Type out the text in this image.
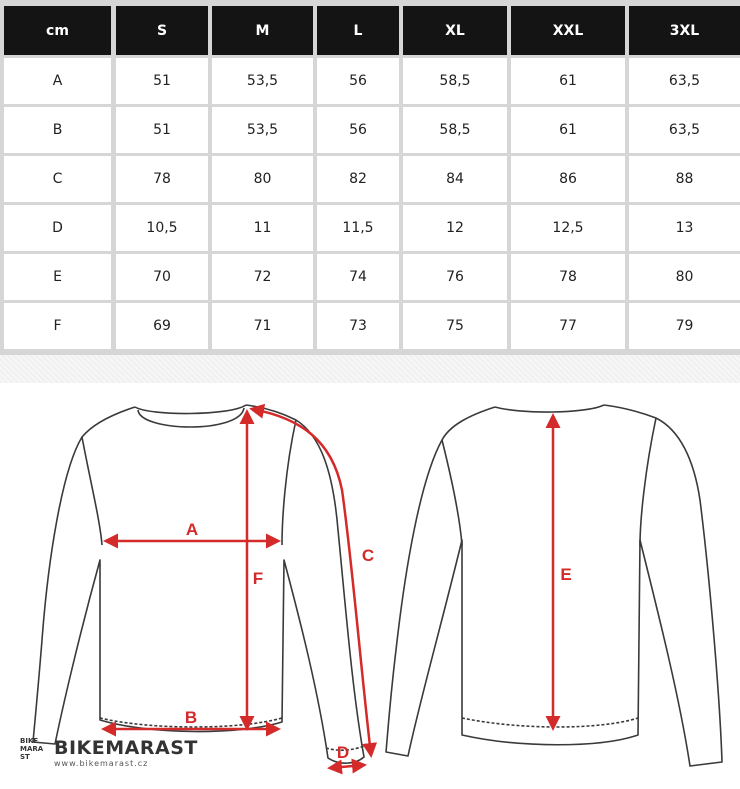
cm	S	M	L	XL	XXL	3XL
A	51	53,5	56	58,5	61	63,5
B	51	53,5	56	58,5	61	63,5
C	78	80	82	84	86	88
D	10,5	11	11,5	12	12,5	13
E	70	72	74	76	78	80
F	69	71	73	75	77	79
A
B
F
C
D
E
BIKE MARA ST	BIKEMARAST
www.bikemarast.cz
